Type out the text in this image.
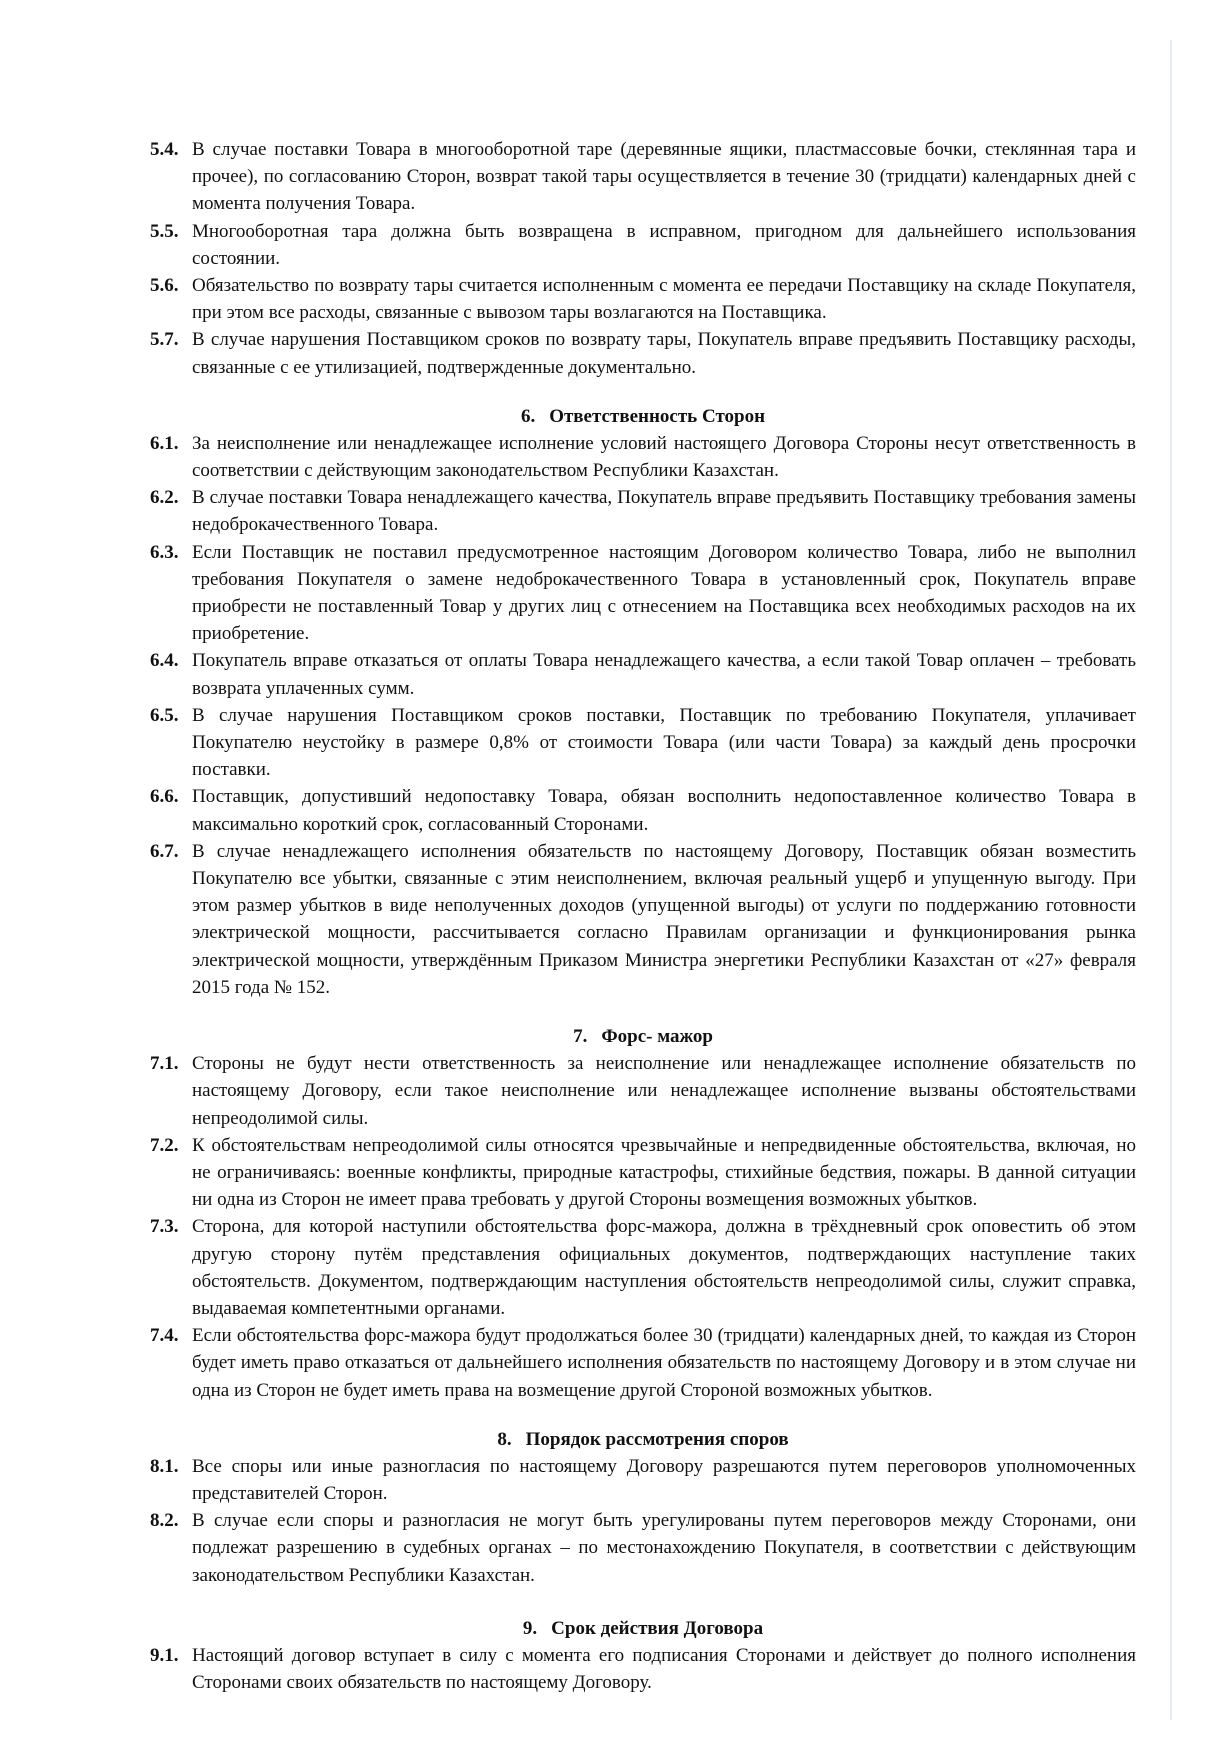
5.4. В случае поставки Товара в многооборотной таре (деревянные ящики, пластмассовые бочки, стеклянная тара и прочее), по согласованию Сторон, возврат такой тары осуществляется в течение 30 (тридцати) календарных дней с момента получения Товара.

5.5. Многооборотная тара должна быть возвращена в исправном, пригодном для дальнейшего использования состоянии.

5.6. Обязательство по возврату тары считается исполненным с момента ее передачи Поставщику на складе Покупателя, при этом все расходы, связанные с вывозом тары возлагаются на Поставщика.

5.7. В случае нарушения Поставщиком сроков по возврату тары, Покупатель вправе предъявить Поставщику расходы, связанные с ее утилизацией, подтвержденные документально.

6. Ответственность Сторон

6.1. За неисполнение или ненадлежащее исполнение условий настоящего Договора Стороны несут ответственность в соответствии с действующим законодательством Республики Казахстан.

6.2. В случае поставки Товара ненадлежащего качества, Покупатель вправе предъявить Поставщику требования замены недоброкачественного Товара.

6.3. Если Поставщик не поставил предусмотренное настоящим Договором количество Товара, либо не выполнил требования Покупателя о замене недоброкачественного Товара в установленный срок, Покупатель вправе приобрести не поставленный Товар у других лиц с отнесением на Поставщика всех необходимых расходов на их приобретение.

6.4. Покупатель вправе отказаться от оплаты Товара ненадлежащего качества, а если такой Товар оплачен – требовать возврата уплаченных сумм.

6.5. В случае нарушения Поставщиком сроков поставки, Поставщик по требованию Покупателя, уплачивает Покупателю неустойку в размере 0,8% от стоимости Товара (или части Товара) за каждый день просрочки поставки.

6.6. Поставщик, допустивший недопоставку Товара, обязан восполнить недопоставленное количество Товара в максимально короткий срок, согласованный Сторонами.

6.7. В случае ненадлежащего исполнения обязательств по настоящему Договору, Поставщик обязан возместить Покупателю все убытки, связанные с этим неисполнением, включая реальный ущерб и упущенную выгоду. При этом размер убытков в виде неполученных доходов (упущенной выгоды) от услуги по поддержанию готовности электрической мощности, рассчитывается согласно Правилам организации и функционирования рынка электрической мощности, утверждённым Приказом Министра энергетики Республики Казахстан от «27» февраля 2015 года № 152.

7. Форс- мажор

7.1. Стороны не будут нести ответственность за неисполнение или ненадлежащее исполнение обязательств по настоящему Договору, если такое неисполнение или ненадлежащее исполнение вызваны обстоятельствами непреодолимой силы.

7.2. К обстоятельствам непреодолимой силы относятся чрезвычайные и непредвиденные обстоятельства, включая, но не ограничиваясь: военные конфликты, природные катастрофы, стихийные бедствия, пожары. В данной ситуации ни одна из Сторон не имеет права требовать у другой Стороны возмещения возможных убытков.

7.3. Сторона, для которой наступили обстоятельства форс-мажора, должна в трёхдневный срок оповестить об этом другую сторону путём представления официальных документов, подтверждающих наступление таких обстоятельств. Документом, подтверждающим наступления обстоятельств непреодолимой силы, служит справка, выдаваемая компетентными органами.

7.4. Если обстоятельства форс-мажора будут продолжаться более 30 (тридцати) календарных дней, то каждая из Сторон будет иметь право отказаться от дальнейшего исполнения обязательств по настоящему Договору и в этом случае ни одна из Сторон не будет иметь права на возмещение другой Стороной возможных убытков.

8. Порядок рассмотрения споров

8.1. Все споры или иные разногласия по настоящему Договору разрешаются путем переговоров уполномоченных представителей Сторон.

8.2. В случае если споры и разногласия не могут быть урегулированы путем переговоров между Сторонами, они подлежат разрешению в судебных органах – по местонахождению Покупателя, в соответствии с действующим законодательством Республики Казахстан.

9. Срок действия Договора

9.1. Настоящий договор вступает в силу с момента его подписания Сторонами и действует до полного исполнения Сторонами своих обязательств по настоящему Договору.
